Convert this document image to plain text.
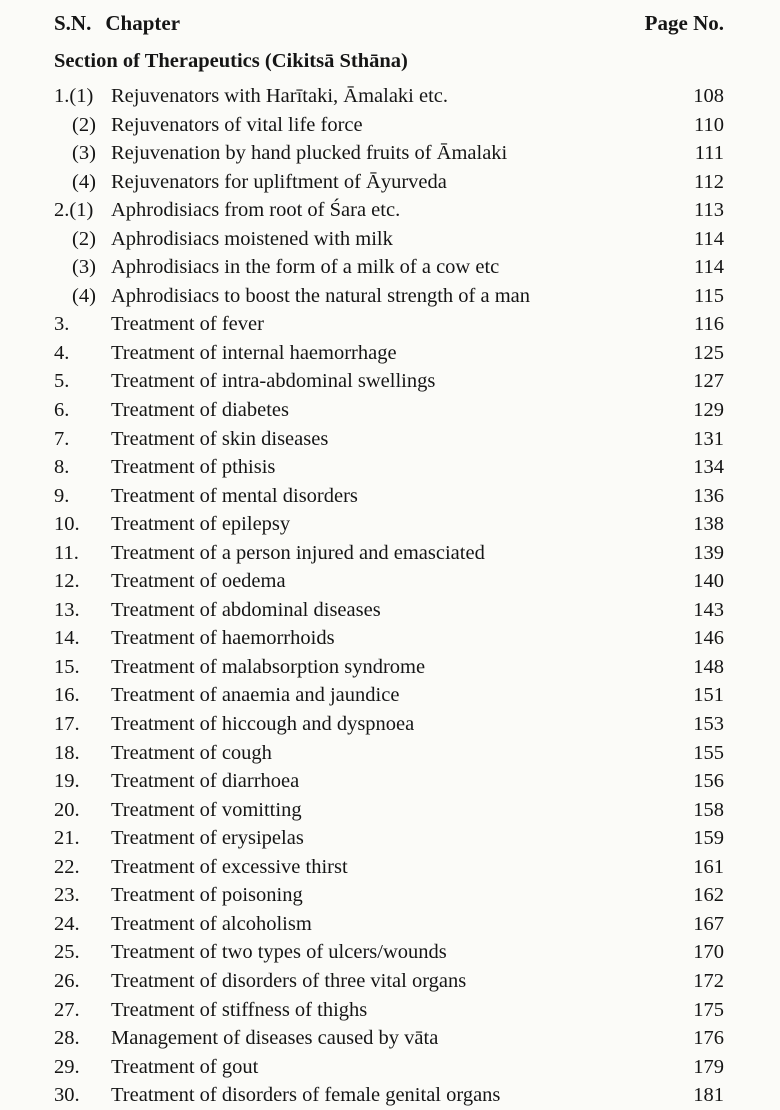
S.N. Chapter	Page No.
Section of Therapeutics (Cikitsā Sthāna)
1.(1) Rejuvenators with Harītaki, Āmalaki etc.	108
(2) Rejuvenators of vital life force	110
(3) Rejuvenation by hand plucked fruits of Āmalaki	111
(4) Rejuvenators for upliftment of Āyurveda	112
2.(1) Aphrodisiacs from root of Śara etc.	113
(2) Aphrodisiacs moistened with milk	114
(3) Aphrodisiacs in the form of a milk of a cow etc	114
(4) Aphrodisiacs to boost the natural strength of a man	115
3.	Treatment of fever	116
4.	Treatment of internal haemorrhage	125
5.	Treatment of intra-abdominal swellings	127
6.	Treatment of diabetes	129
7.	Treatment of skin diseases	131
8.	Treatment of pthisis	134
9.	Treatment of mental disorders	136
10.	Treatment of epilepsy	138
11.	Treatment of a person injured and emasciated	139
12.	Treatment of oedema	140
13.	Treatment of abdominal diseases	143
14.	Treatment of haemorrhoids	146
15.	Treatment of malabsorption syndrome	148
16.	Treatment of anaemia and jaundice	151
17.	Treatment of hiccough and dyspnoea	153
18.	Treatment of cough	155
19.	Treatment of diarrhoea	156
20.	Treatment of vomitting	158
21.	Treatment of erysipelas	159
22.	Treatment of excessive thirst	161
23.	Treatment of poisoning	162
24.	Treatment of alcoholism	167
25.	Treatment of two types of ulcers/wounds	170
26.	Treatment of disorders of three vital organs	172
27.	Treatment of stiffness of thighs	175
28.	Management of diseases caused by vāta	176
29.	Treatment of gout	179
30.	Treatment of disorders of female genital organs	181
